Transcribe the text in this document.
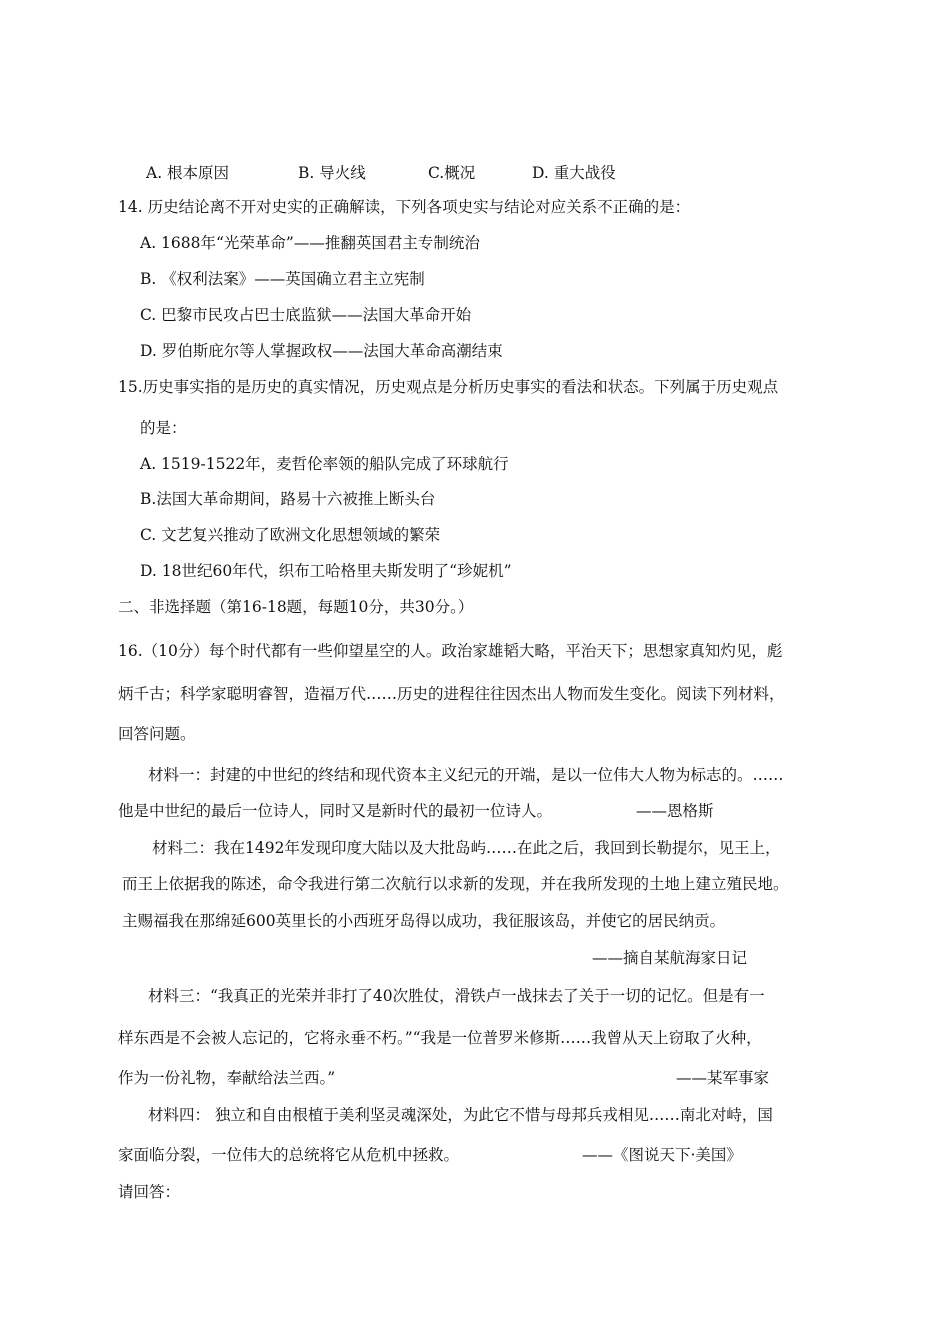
A. 根本原因	B. 导火线	C.概况	D. 重大战役
14. 历史结论离不开对史实的正确解读，下列各项史实与结论对应关系不正确的是：
A. 1688年“光荣革命”——推翻英国君主专制统治
B. 《权利法案》——英国确立君主立宪制
C. 巴黎市民攻占巴士底监狱——法国大革命开始
D. 罗伯斯庇尔等人掌握政权——法国大革命高潮结束
15.历史事实指的是历史的真实情况，历史观点是分析历史事实的看法和状态。下列属于历史观点
的是：
A. 1519-1522年，麦哲伦率领的船队完成了环球航行
B.法国大革命期间，路易十六被推上断头台
C. 文艺复兴推动了欧洲文化思想领域的繁荣
D. 18世纪60年代，织布工哈格里夫斯发明了“珍妮机”
二、非选择题（第16-18题，每题10分，共30分。）
16.（10分）每个时代都有一些仰望星空的人。政治家雄韬大略，平治天下；思想家真知灼见，彪
炳千古；科学家聪明睿智，造福万代……历史的进程往往因杰出人物而发生变化。阅读下列材料，
回答问题。
材料一：封建的中世纪的终结和现代资本主义纪元的开端，是以一位伟大人物为标志的。……
他是中世纪的最后一位诗人，同时又是新时代的最初一位诗人。	——恩格斯
材料二：我在1492年发现印度大陆以及大批岛屿……在此之后，我回到长勒提尔，见王上，
而王上依据我的陈述，命令我进行第二次航行以求新的发现，并在我所发现的土地上建立殖民地。
主赐福我在那绵延600英里长的小西班牙岛得以成功，我征服该岛，并使它的居民纳贡。
——摘自某航海家日记
材料三：“我真正的光荣并非打了40次胜仗，滑铁卢一战抹去了关于一切的记忆。但是有一
样东西是不会被人忘记的，它将永垂不朽。”“我是一位普罗米修斯……我曾从天上窃取了火种，
作为一份礼物，奉献给法兰西。”	——某军事家
材料四： 独立和自由根植于美利坚灵魂深处，为此它不惜与母邦兵戎相见……南北对峙，国
家面临分裂，一位伟大的总统将它从危机中拯救。	——《图说天下·美国》
请回答：
